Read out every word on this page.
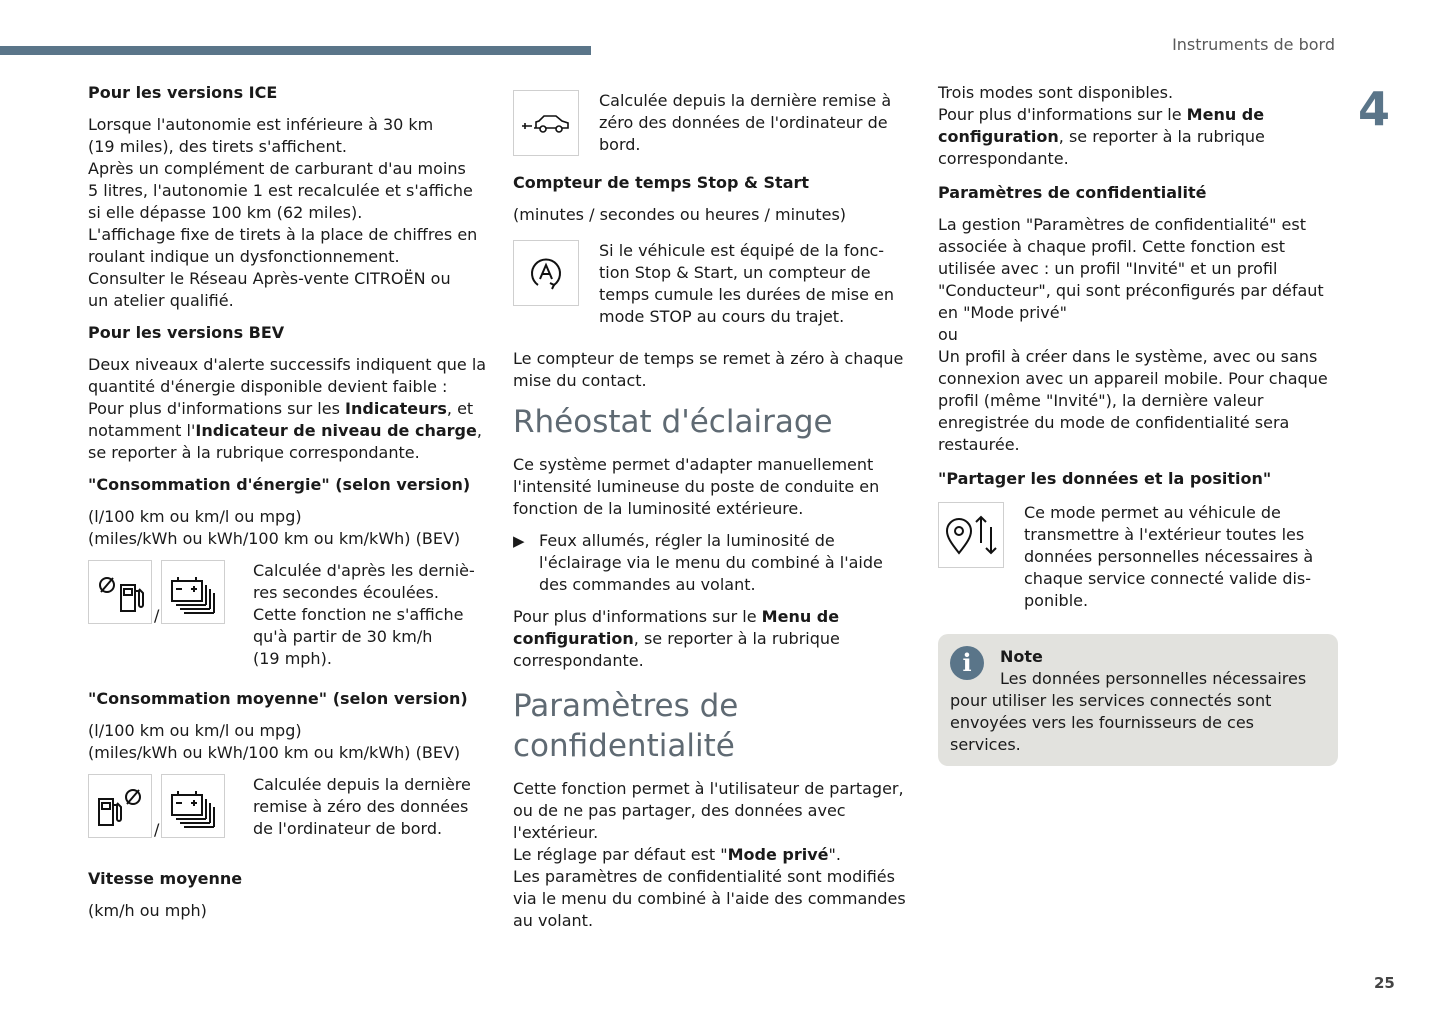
Instruments de bord
4
25
Pour les versions ICE

Lorsque l'autonomie est inférieure à 30 km
(19 miles), des tirets s'affichent.
Après un complément de carburant d'au moins
5 litres, l'autonomie 1 est recalculée et s'affiche
si elle dépasse 100 km (62 miles).
L'affichage fixe de tirets à la place de chiffres en
roulant indique un dysfonctionnement.
Consulter le Réseau Après-vente CITROËN ou
un atelier qualifié.

Pour les versions BEV

Deux niveaux d'alerte successifs indiquent que la quantité d'énergie disponible devient faible :
Pour plus d'informations sur les Indicateurs, et notamment l'Indicateur de niveau de charge,
se reporter à la rubrique correspondante.

"Consommation d'énergie" (selon version)

(l/100 km ou km/l ou mpg)
(miles/kWh ou kWh/100 km ou km/kWh) (BEV)

/
Calculée d'après les derniè-
res secondes écoulées.
Cette fonction ne s'affiche
qu'à partir de 30 km/h
(19 mph).
"Consommation moyenne" (selon version)

(l/100 km ou km/l ou mpg)
(miles/kWh ou kWh/100 km ou km/kWh) (BEV)

/
Calculée depuis la dernière
remise à zéro des données
de l'ordinateur de bord.
Vitesse moyenne

(km/h ou mph)

Calculée depuis la dernière remise à
zéro des données de l'ordinateur de
bord.
Compteur de temps Stop & Start

(minutes / secondes ou heures / minutes)

Si le véhicule est équipé de la fonc-
tion Stop & Start, un compteur de
temps cumule les durées de mise en
mode STOP au cours du trajet.

Le compteur de temps se remet à zéro à chaque mise du contact.

Rhéostat d'éclairage

Ce système permet d'adapter manuellement l'intensité lumineuse du poste de conduite en fonction de la luminosité extérieure.

▶ Feux allumés, régler la luminosité de l'éclairage via le menu du combiné à l'aide des commandes au volant.

Pour plus d'informations sur le Menu de configuration, se reporter à la rubrique correspondante.

Paramètres de
confidentialité

Cette fonction permet à l'utilisateur de partager, ou de ne pas partager, des données avec l'extérieur.
Le réglage par défaut est "Mode privé".
Les paramètres de confidentialité sont modifiés via le menu du combiné à l'aide des commandes au volant.

Trois modes sont disponibles.
Pour plus d'informations sur le Menu de configuration, se reporter à la rubrique correspondante.

Paramètres de confidentialité

La gestion "Paramètres de confidentialité" est associée à chaque profil. Cette fonction est utilisée avec : un profil "Invité" et un profil "Conducteur", qui sont préconfigurés par défaut en "Mode privé"
ou
Un profil à créer dans le système, avec ou sans connexion avec un appareil mobile. Pour chaque profil (même "Invité"), la dernière valeur enregistrée du mode de confidentialité sera restaurée.

"Partager les données et la position"
Ce mode permet au véhicule de
transmettre à l'extérieur toutes les
données personnelles nécessaires à
chaque service connecté valide dis-
ponible.
i	Note
Les données personnelles nécessaires
pour utiliser les services connectés sont envoyées vers les fournisseurs de ces services.
